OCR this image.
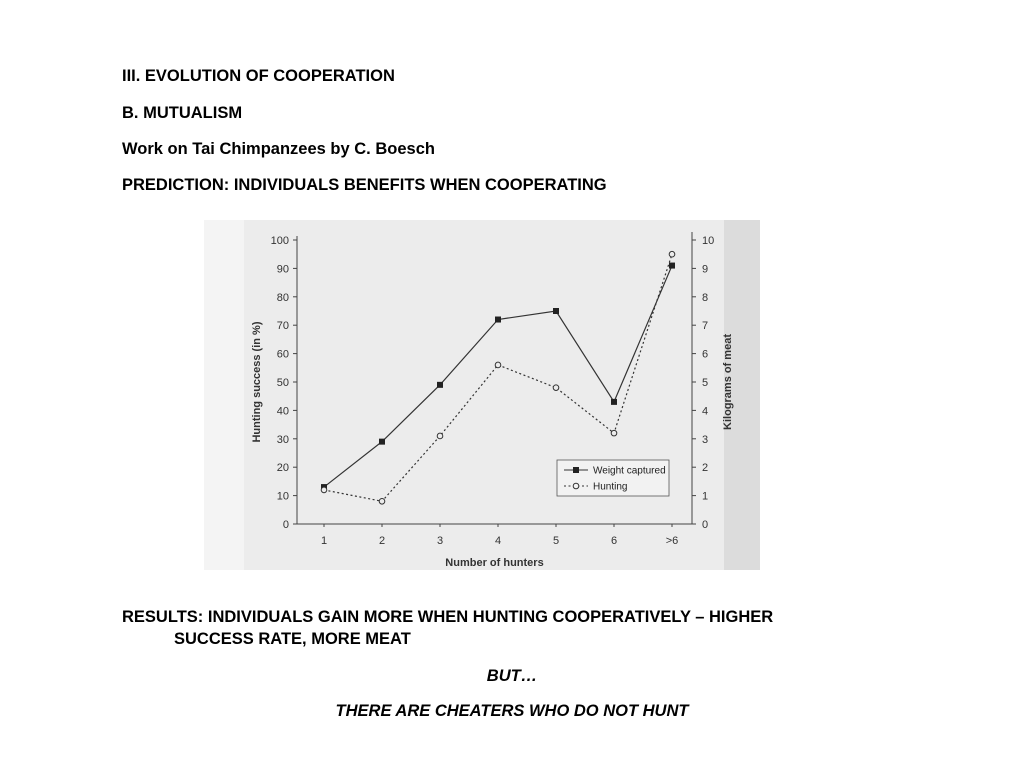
III. EVOLUTION OF COOPERATION
B. MUTUALISM
Work on Tai Chimpanzees by C. Boesch
PREDICTION: INDIVIDUALS BENEFITS WHEN COOPERATING
0
10
20
30
40
50
60
70
80
90
100
0
1
2
3
4
5
6
7
8
9
10
1	2	3	4	5	6	>6
Number of hunters
Hunting success (in %)	Kilograms of meat
Weight captured
Hunting
RESULTS: INDIVIDUALS GAIN MORE WHEN HUNTING COOPERATIVELY – HIGHER
SUCCESS RATE, MORE MEAT
BUT…
THERE ARE CHEATERS WHO DO NOT HUNT
